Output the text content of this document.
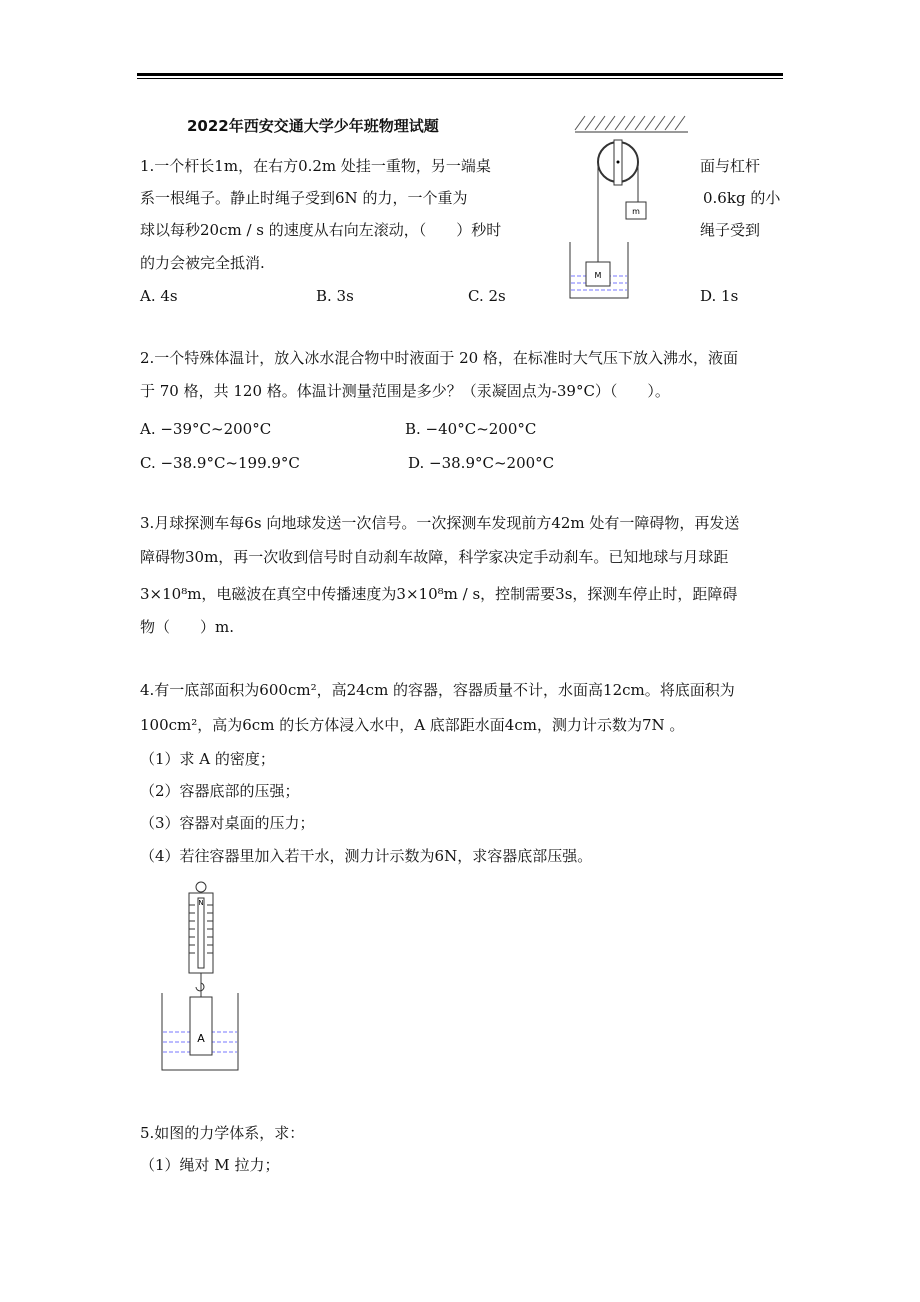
2022年西安交通大学少年班物理试题
1.一个杆长1m，在右方0.2m 处挂一重物，另一端桌
系一根绳子。静止时绳子受到6N 的力，一个重为
球以每秒20cm / s 的速度从右向左滚动，（　　）秒时
的力会被完全抵消.
面与杠杆
0.6kg 的小
绳子受到
A. 4s	B. 3s	C. 2s	D. 1s
m
M
2.一个特殊体温计，放入冰水混合物中时液面于 20 格，在标准时大气压下放入沸水，液面
于 70 格，共 120 格。体温计测量范围是多少？（汞凝固点为-39°C）（　　）。
A. −39°C~200°C	B. −40°C~200°C
C. −38.9°C~199.9°C	D. −38.9°C~200°C
3.月球探测车每6s 向地球发送一次信号。一次探测车发现前方42m 处有一障碍物，再发送
障碍物30m，再一次收到信号时自动刹车故障，科学家决定手动刹车。已知地球与月球距
3×10⁸m，电磁波在真空中传播速度为3×10⁸m / s，控制需要3s，探测车停止时，距障碍
物（　　）m.
4.有一底部面积为600cm²，高24cm 的容器，容器质量不计，水面高12cm。将底面积为
100cm²，高为6cm 的长方体浸入水中，A 底部距水面4cm，测力计示数为7N 。
（1）求 A 的密度；
（2）容器底部的压强；
（3）容器对桌面的压力；
（4）若往容器里加入若干水，测力计示数为6N，求容器底部压强。
N
A
5.如图的力学体系，求：
（1）绳对 M 拉力；
